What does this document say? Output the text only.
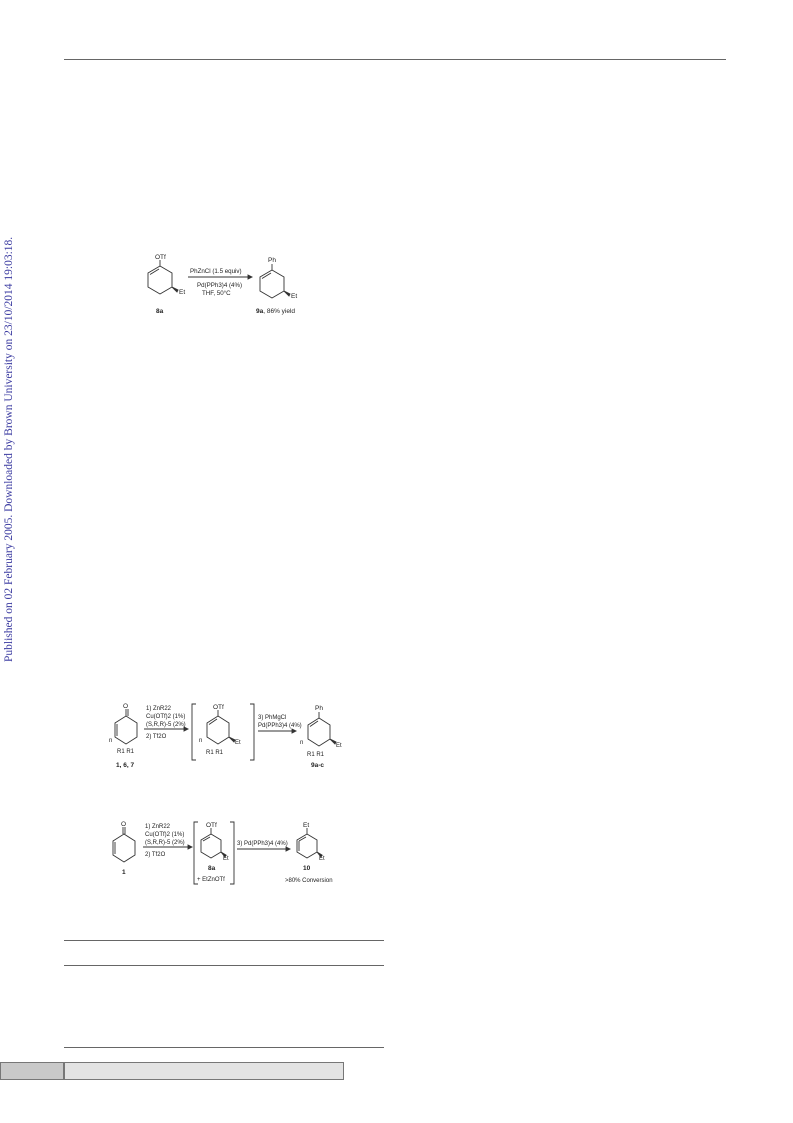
Published on 02 February 2005. Downloaded by Brown University on 23/10/2014 19:03:18.	OTf
Et
8a
PhZnCl (1.5 equiv)
Pd(PPh3)4 (4%)
THF, 50°C
Ph
Et
9a, 86% yield
O
n
R1 R1
1, 6, 7
1) ZnR22
Cu(OTf)2 (1%)
(S,R,R)-5 (2%)
2) Tf2O
OTf
n	Et
R1 R1
3) PhMgCl
Pd(PPh3)4 (4%)
Ph
n	Et
R1 R1
9a-c
O
1
1) ZnR22
Cu(OTf)2 (1%)
(S,R,R)-5 (2%)
2) Tf2O
OTf
Et
8a
+ EtZnOTf
3) Pd(PPh3)4 (4%)
Et
Et
10
>80% Conversion
